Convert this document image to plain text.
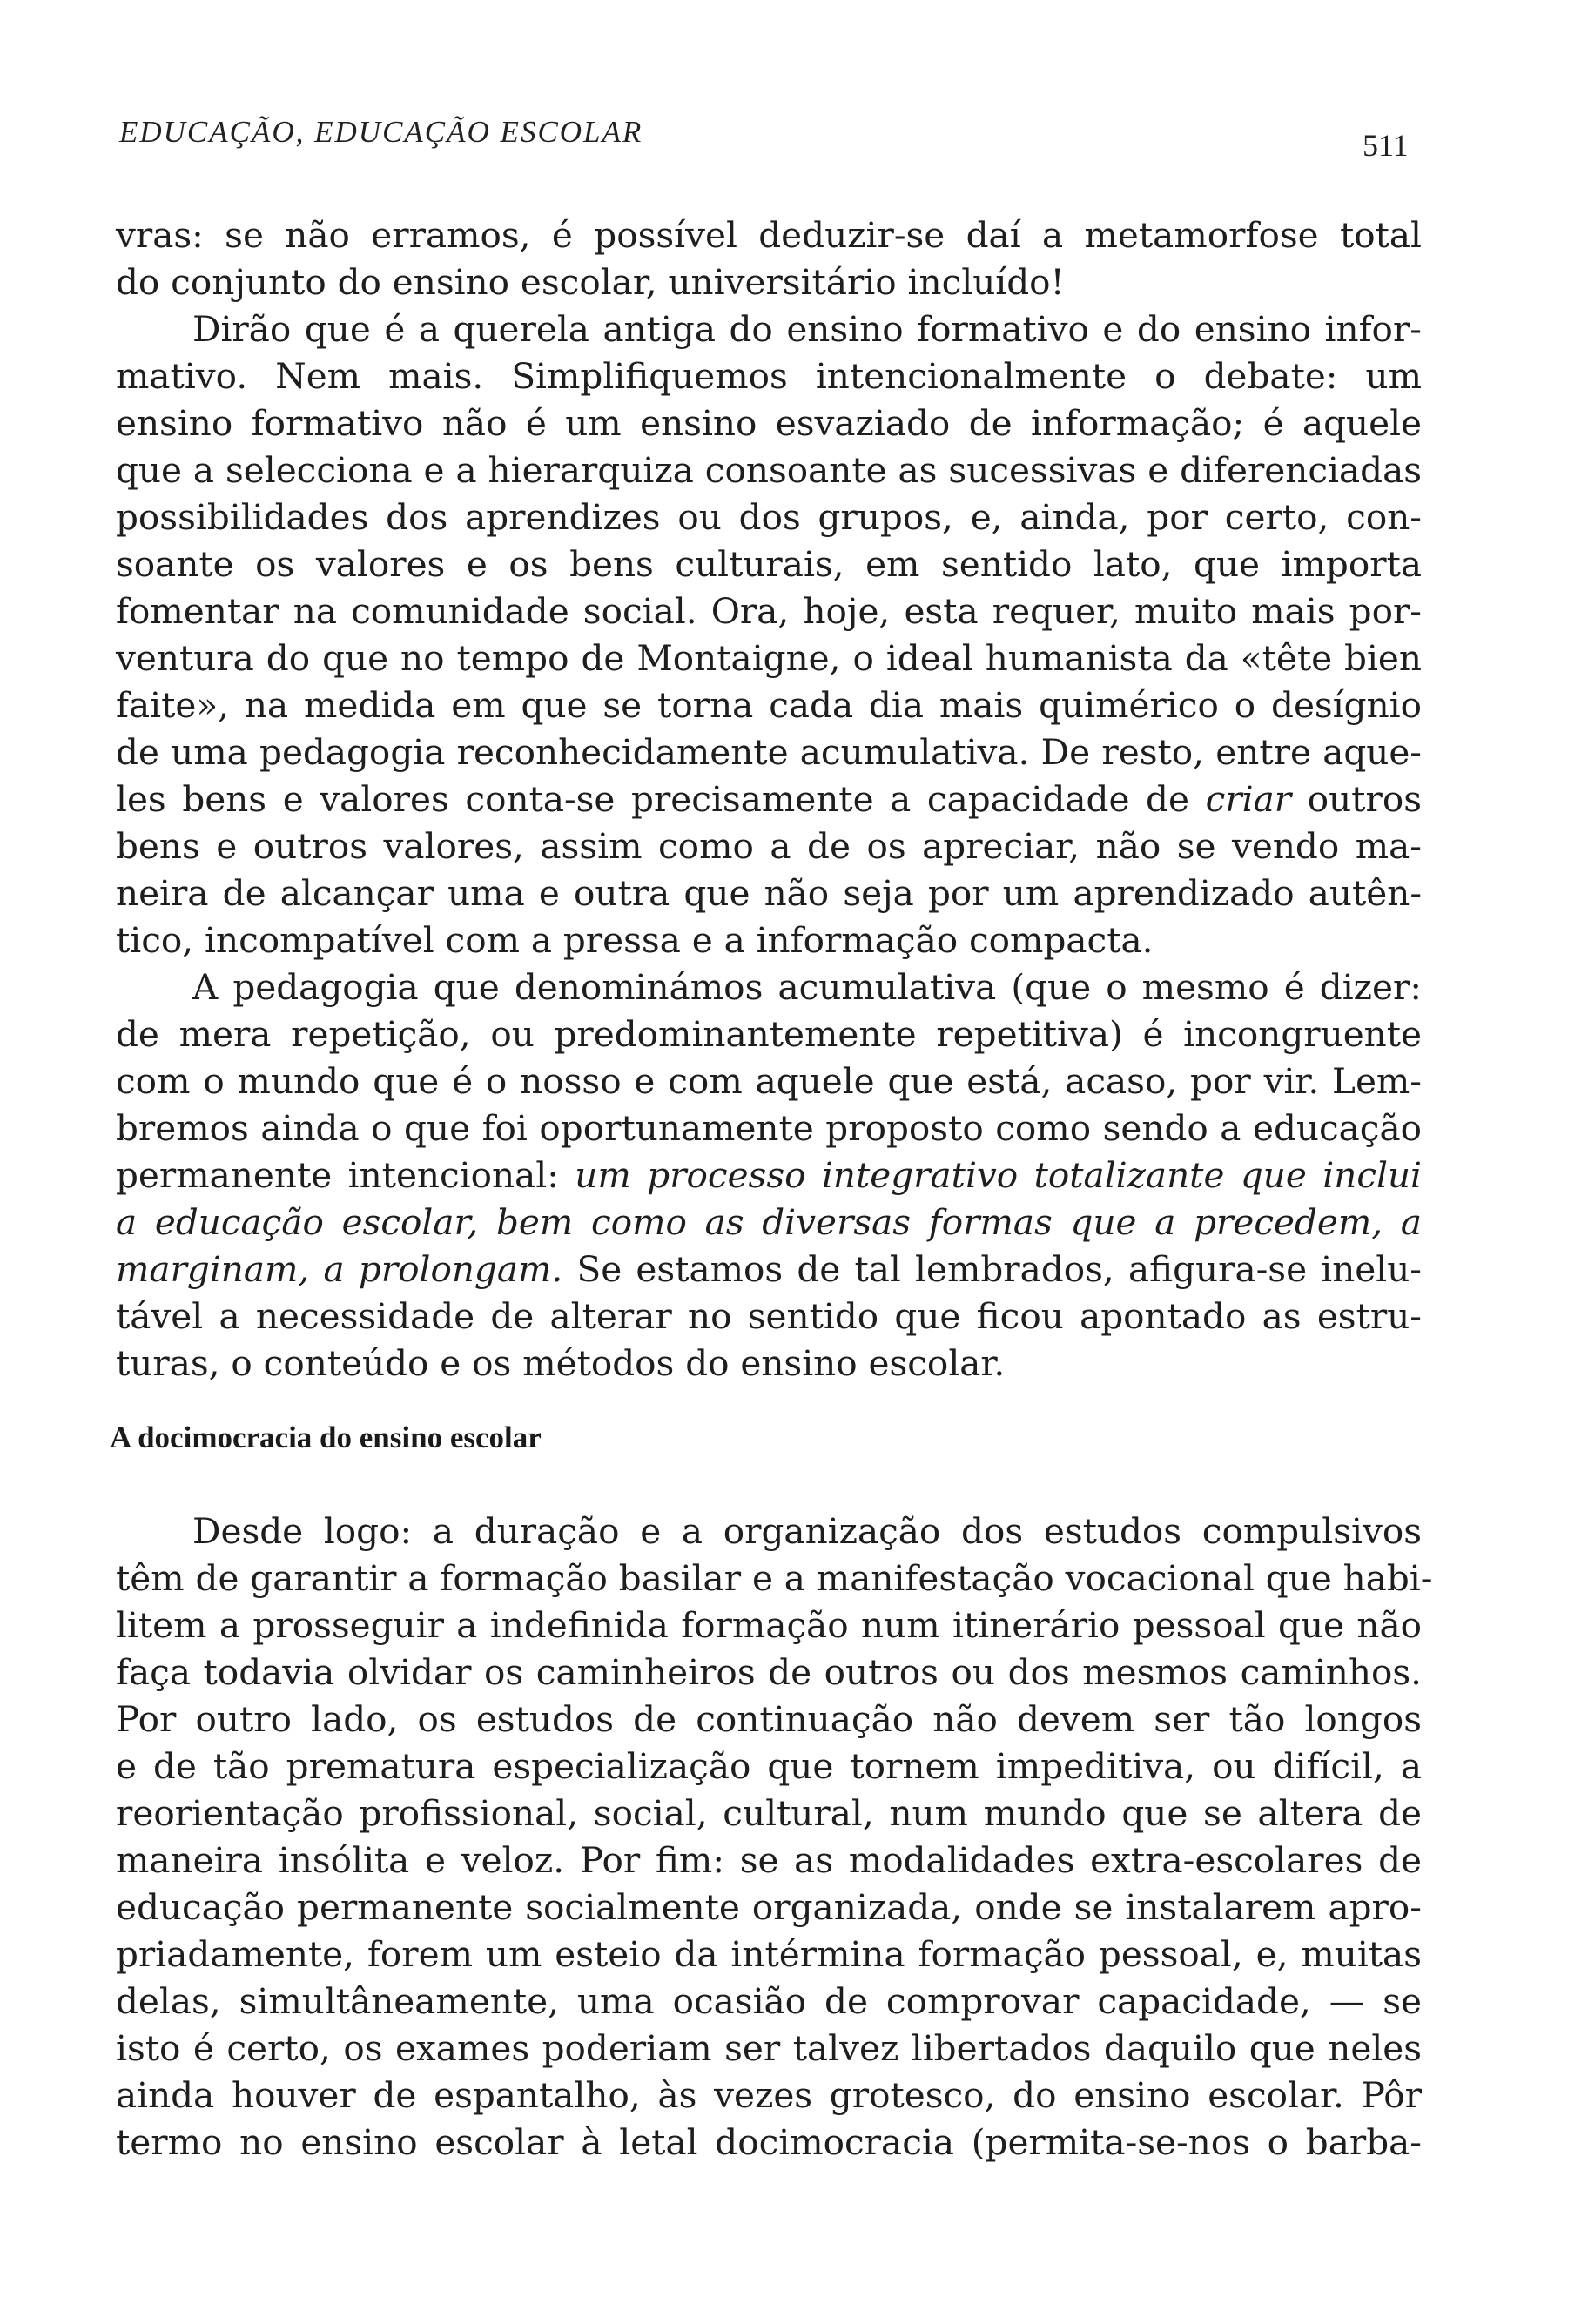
EDUCAÇÃO, EDUCAÇÃO ESCOLAR	511
vras: se não erramos, é possível deduzir-se daí a metamorfose total
do conjunto do ensino escolar, universitário incluído!
Dirão que é a querela antiga do ensino formativo e do ensino infor-
mativo. Nem mais. Simplifiquemos intencionalmente o debate: um
ensino formativo não é um ensino esvaziado de informação; é aquele
que a selecciona e a hierarquiza consoante as sucessivas e diferenciadas
possibilidades dos aprendizes ou dos grupos, e, ainda, por certo, con-
soante os valores e os bens culturais, em sentido lato, que importa
fomentar na comunidade social. Ora, hoje, esta requer, muito mais por-
ventura do que no tempo de Montaigne, o ideal humanista da «tête bien
faite», na medida em que se torna cada dia mais quimérico o desígnio
de uma pedagogia reconhecidamente acumulativa. De resto, entre aque-
les bens e valores conta-se precisamente a capacidade de criar outros
bens e outros valores, assim como a de os apreciar, não se vendo ma-
neira de alcançar uma e outra que não seja por um aprendizado autên-
tico, incompatível com a pressa e a informação compacta.
A pedagogia que denominámos acumulativa (que o mesmo é dizer:
de mera repetição, ou predominantemente repetitiva) é incongruente
com o mundo que é o nosso e com aquele que está, acaso, por vir. Lem-
bremos ainda o que foi oportunamente proposto como sendo a educação
permanente intencional: um processo integrativo totalizante que inclui
a educação escolar, bem como as diversas formas que a precedem, a
marginam, a prolongam. Se estamos de tal lembrados, afigura-se inelu-
tável a necessidade de alterar no sentido que ficou apontado as estru-
turas, o conteúdo e os métodos do ensino escolar.
A docimocracia do ensino escolar
Desde logo: a duração e a organização dos estudos compulsivos
têm de garantir a formação basilar e a manifestação vocacional que habi-
litem a prosseguir a indefinida formação num itinerário pessoal que não
faça todavia olvidar os caminheiros de outros ou dos mesmos caminhos.
Por outro lado, os estudos de continuação não devem ser tão longos
e de tão prematura especialização que tornem impeditiva, ou difícil, a
reorientação profissional, social, cultural, num mundo que se altera de
maneira insólita e veloz. Por fim: se as modalidades extra-escolares de
educação permanente socialmente organizada, onde se instalarem apro-
priadamente, forem um esteio da intérmina formação pessoal, e, muitas
delas, simultâneamente, uma ocasião de comprovar capacidade, — se
isto é certo, os exames poderiam ser talvez libertados daquilo que neles
ainda houver de espantalho, às vezes grotesco, do ensino escolar. Pôr
termo no ensino escolar à letal docimocracia (permita-se-nos o barba-
